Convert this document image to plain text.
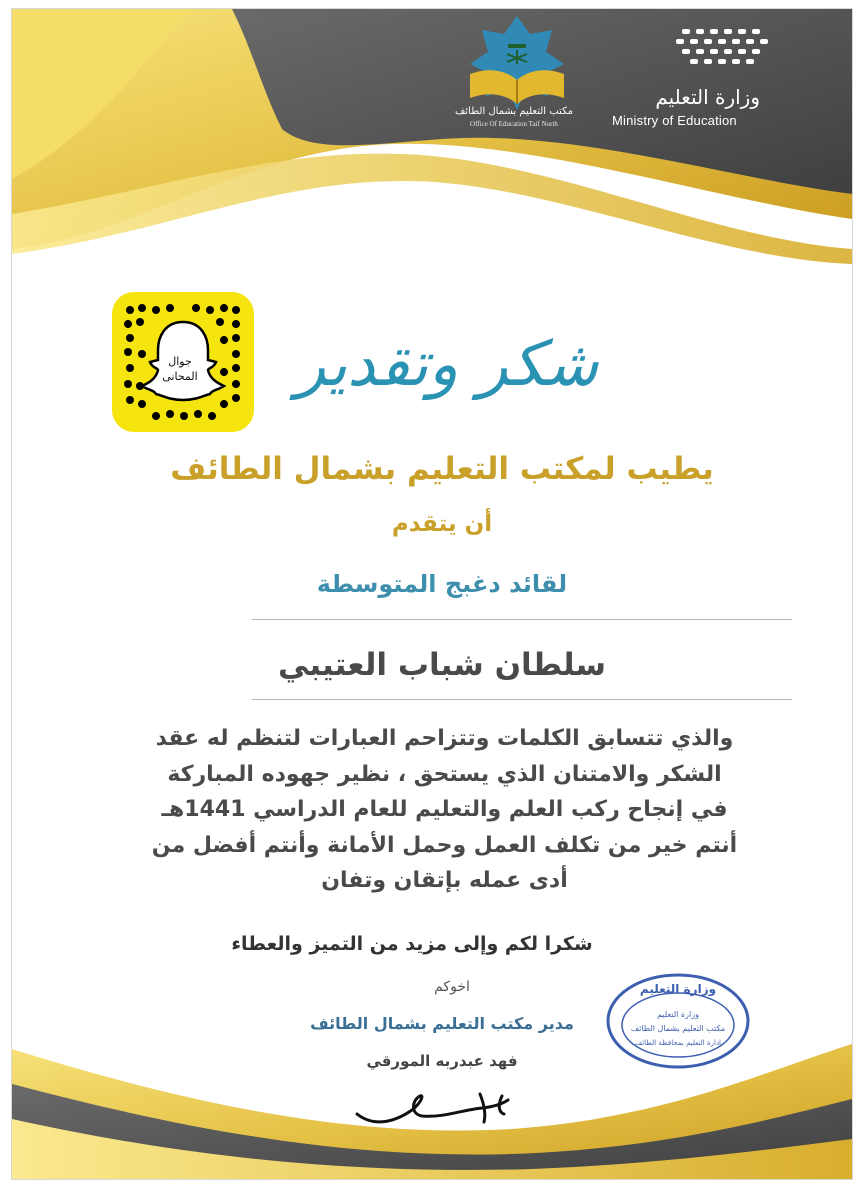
وزارة التعليم
Ministry of Education
مكتب التعليم بشمال الطائف
Office Of Education Taif North
جوال
المحانى شكر وتقدير
يطيب لمكتب التعليم بشمال الطائف
أن يتقدم
لقائد دغبج المتوسطة
سلطان شباب العتيبي
والذي تتسابق الكلمات وتتزاحم العبارات لتنظم له عقد
الشكر والامتنان الذي يستحق ، نظير جهوده المباركة
في إنجاح ركب العلم والتعليم للعام الدراسي 1441هـ
أنتم خير من تكلف العمل وحمل الأمانة وأنتم أفضل من
أدى عمله بإتقان وتفان
شكرا لكم وإلى مزيد من التميز والعطاء
اخوكم
مدير مكتب التعليم بشمال الطائف
فهد عبدربه المورقي
وزارة التعليم
وزارة التعليم
مكتب التعليم بشمال الطائف
ادارة التعليم بمحافظة الطائف
